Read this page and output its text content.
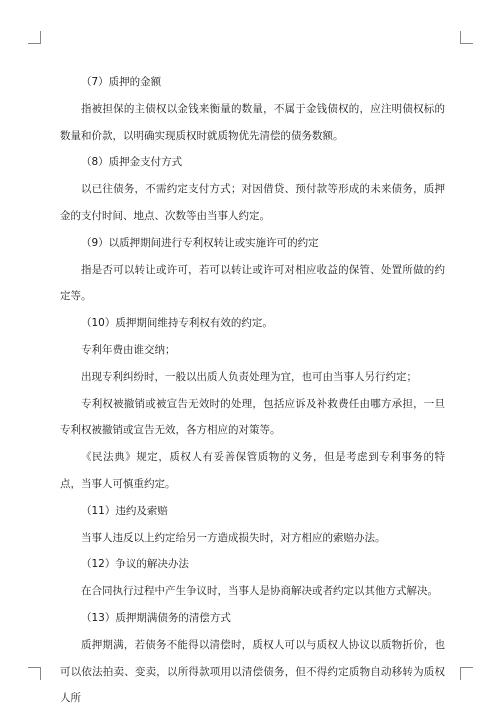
（7）质押的金额

指被担保的主债权以金钱来衡量的数量，不属于金钱债权的，应注明债权标的数量和价款，以明确实现质权时就质物优先清偿的债务数额。

（8）质押金支付方式

以已往债务，不需约定支付方式；对因借贷、预付款等形成的未来债务，质押金的支付时间、地点、次数等由当事人约定。

（9）以质押期间进行专利权转让或实施许可的约定

指是否可以转让或许可，若可以转让或许可对相应收益的保管、处置所做的约定等。

（10）质押期间维持专利权有效的约定。

专利年费由谁交纳；

出现专利纠纷时，一般以出质人负责处理为宜，也可由当事人另行约定；

专利权被撤销或被宣告无效时的处理，包括应诉及补救费任由哪方承担，一旦专利权被撤销或宣告无效，各方相应的对策等。

《民法典》规定，质权人有妥善保管质物的义务，但是考虑到专利事务的特点，当事人可慎重约定。

（11）违约及索赔

当事人违反以上约定给另一方造成损失时，对方相应的索赔办法。

（12）争议的解决办法

在合同执行过程中产生争议时，当事人是协商解决或者约定以其他方式解决。

（13）质押期满债务的清偿方式

质押期满，若债务不能得以清偿时，质权人可以与质权人协议以质物折价，也可以依法拍卖、变卖，以所得款项用以清偿债务，但不得约定质物自动移转为质权人所
